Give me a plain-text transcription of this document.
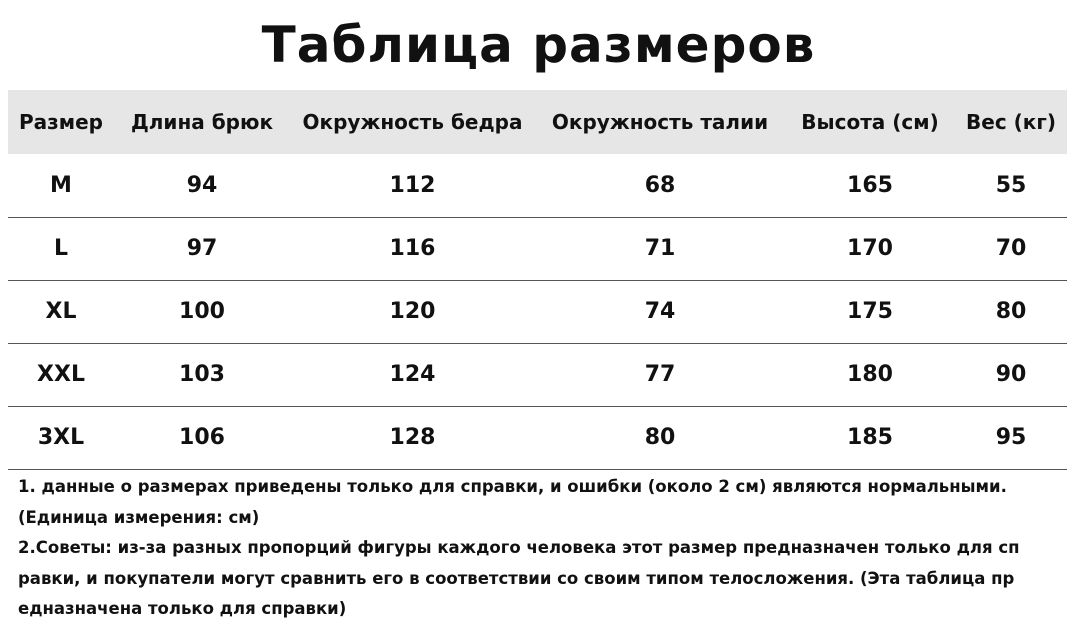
Таблица размеров
Размер	Длина брюк	Окружность бедра	Окружность талии	Высота (см)	Вес (кг)
M	94	112	68	165	55
L	97	116	71	170	70
XL	100	120	74	175	80
XXL	103	124	77	180	90
3XL	106	128	80	185	95

1. данные о размерах приведены только для справки, и ошибки (около 2 см) являются нормальными.

(Единица измерения: см)

2.Советы: из-за разных пропорций фигуры каждого человека этот размер предназначен только для сп

равки, и покупатели могут сравнить его в соответствии со своим типом телосложения. (Эта таблица пр

едназначена только для справки)
